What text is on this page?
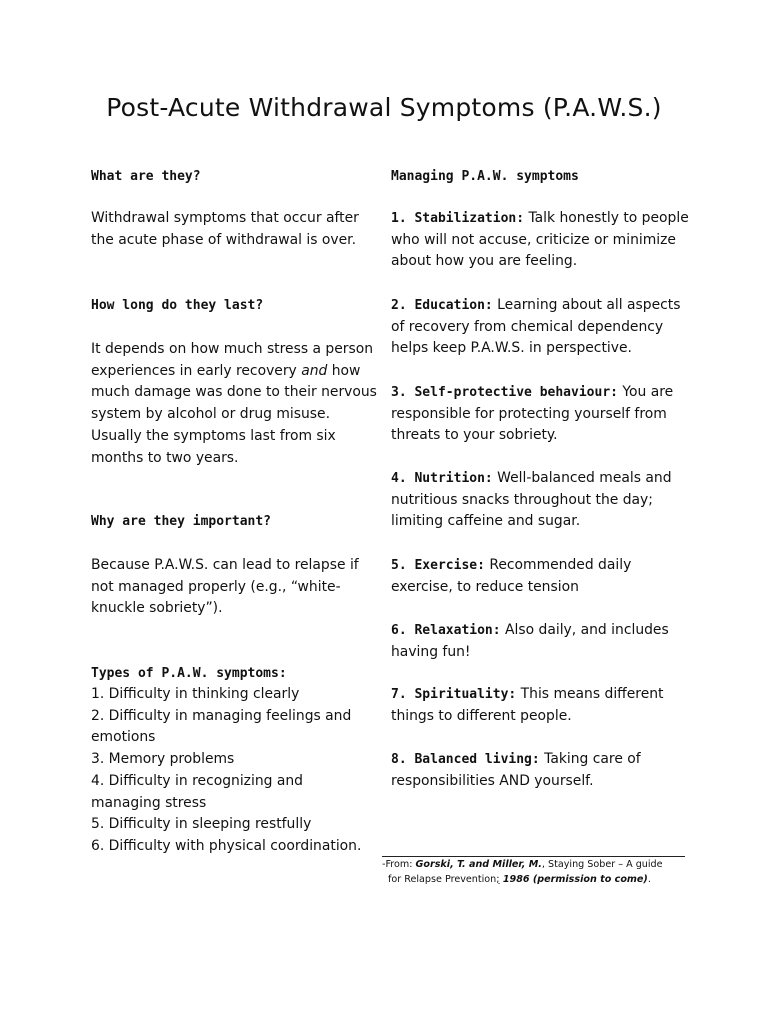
Post-Acute Withdrawal Symptoms (P.A.W.S.)
What are they?
Withdrawal symptoms that occur after
the acute phase of withdrawal is over.
How long do they last?
It depends on how much stress a person
experiences in early recovery and how
much damage was done to their nervous
system by alcohol or drug misuse.
Usually the symptoms last from six
months to two years.
Why are they important?
Because P.A.W.S. can lead to relapse if
not managed properly (e.g., “white-
knuckle sobriety”).
Types of P.A.W. symptoms:
1. Difficulty in thinking clearly
2. Difficulty in managing feelings and
emotions
3. Memory problems
4. Difficulty in recognizing and
managing stress
5. Difficulty in sleeping restfully
6. Difficulty with physical coordination.
Managing P.A.W. symptoms
1. Stabilization: Talk honestly to people
who will not accuse, criticize or minimize
about how you are feeling.
2. Education: Learning about all aspects
of recovery from chemical dependency
helps keep P.A.W.S. in perspective.
3. Self-protective behaviour: You are
responsible for protecting yourself from
threats to your sobriety.
4. Nutrition: Well-balanced meals and
nutritious snacks throughout the day;
limiting caffeine and sugar.
5. Exercise: Recommended daily
exercise, to reduce tension
6. Relaxation: Also daily, and includes
having fun!
7. Spirituality: This means different
things to different people.
8. Balanced living: Taking care of
responsibilities AND yourself.
-From: Gorski, T. and Miller, M., Staying Sober – A guide
for Relapse Prevention; 1986 (permission to come).
